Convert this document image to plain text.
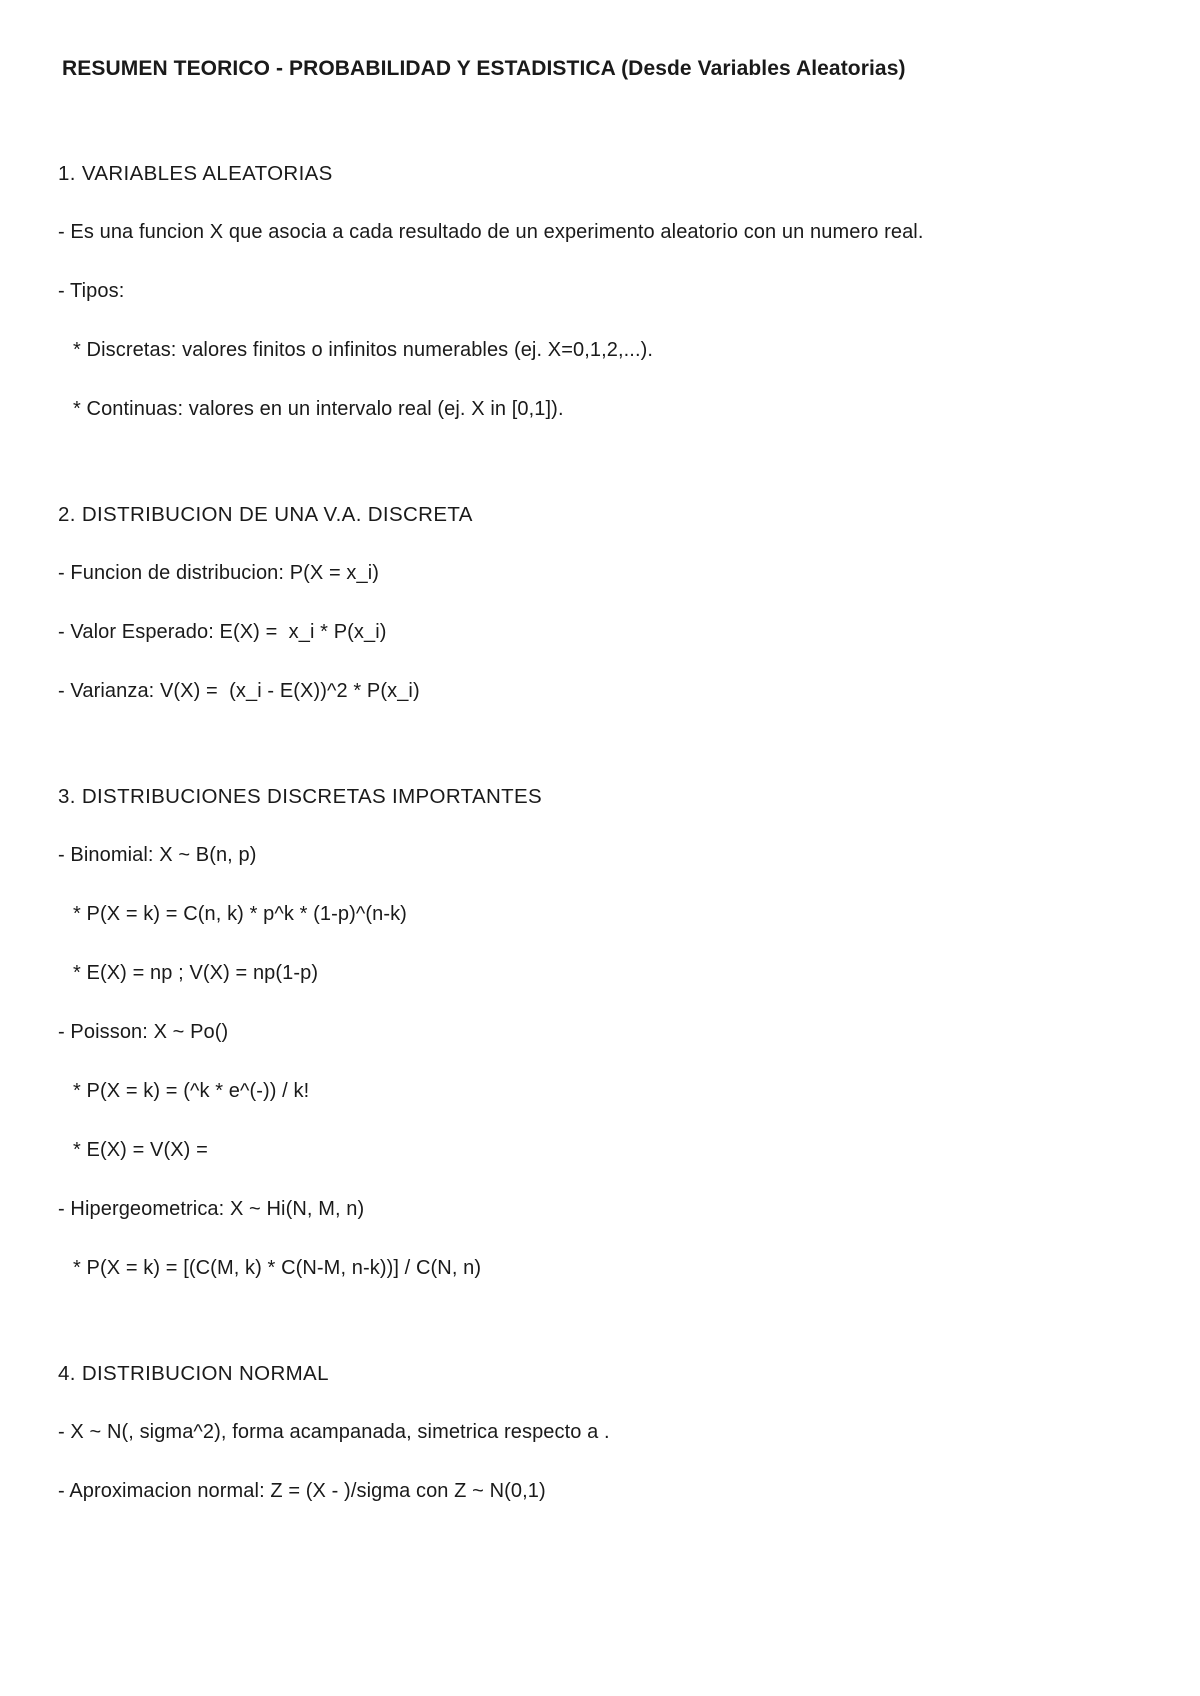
RESUMEN TEORICO - PROBABILIDAD Y ESTADISTICA (Desde Variables Aleatorias)
1. VARIABLES ALEATORIAS
- Es una funcion X que asocia a cada resultado de un experimento aleatorio con un numero real.
- Tipos:
* Discretas: valores finitos o infinitos numerables (ej. X=0,1,2,...).
* Continuas: valores en un intervalo real (ej. X in [0,1]).
2. DISTRIBUCION DE UNA V.A. DISCRETA
- Funcion de distribucion: P(X = x_i)
- Valor Esperado: E(X) =  x_i * P(x_i)
- Varianza: V(X) =  (x_i - E(X))^2 * P(x_i)
3. DISTRIBUCIONES DISCRETAS IMPORTANTES
- Binomial: X ~ B(n, p)
* P(X = k) = C(n, k) * p^k * (1-p)^(n-k)
* E(X) = np ; V(X) = np(1-p)
- Poisson: X ~ Po()
* P(X = k) = (^k * e^(-)) / k!
* E(X) = V(X) =
- Hipergeometrica: X ~ Hi(N, M, n)
* P(X = k) = [(C(M, k) * C(N-M, n-k))] / C(N, n)
4. DISTRIBUCION NORMAL
- X ~ N(, sigma^2), forma acampanada, simetrica respecto a .
- Aproximacion normal: Z = (X - )/sigma con Z ~ N(0,1)
